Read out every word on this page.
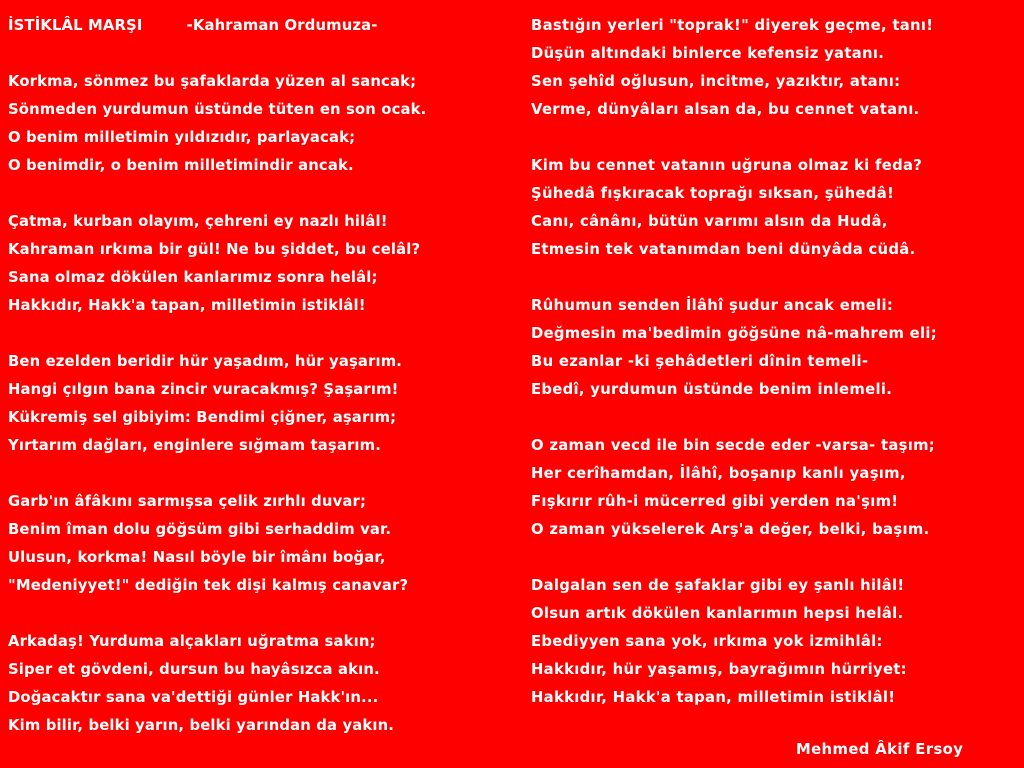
İSTİKLÂL MARŞI	-Kahraman Ordumuza-
Korkma, sönmez bu şafaklarda yüzen al sancak;
Sönmeden yurdumun üstünde tüten en son ocak.
O benim milletimin yıldızıdır, parlayacak;
O benimdir, o benim milletimindir ancak.
Çatma, kurban olayım, çehreni ey nazlı hilâl!
Kahraman ırkıma bir gül! Ne bu şiddet, bu celâl?
Sana olmaz dökülen kanlarımız sonra helâl;
Hakkıdır, Hakk'a tapan, milletimin istiklâl!
Ben ezelden beridir hür yaşadım, hür yaşarım.
Hangi çılgın bana zincir vuracakmış? Şaşarım!
Kükremiş sel gibiyim: Bendimi çiğner, aşarım;
Yırtarım dağları, enginlere sığmam taşarım.
Garb'ın âfâkını sarmışsa çelik zırhlı duvar;
Benim îman dolu göğsüm gibi serhaddim var.
Ulusun, korkma! Nasıl böyle bir îmânı boğar,
"Medeniyyet!" dediğin tek dişi kalmış canavar?
Arkadaş! Yurduma alçakları uğratma sakın;
Siper et gövdeni, dursun bu hayâsızca akın.
Doğacaktır sana va'dettiği günler Hakk'ın...
Kim bilir, belki yarın, belki yarından da yakın.
Bastığın yerleri "toprak!" diyerek geçme, tanı!
Düşün altındaki binlerce kefensiz yatanı.
Sen şehîd oğlusun, incitme, yazıktır, atanı:
Verme, dünyâları alsan da, bu cennet vatanı.
Kim bu cennet vatanın uğruna olmaz ki feda?
Şühedâ fışkıracak toprağı sıksan, şühedâ!
Canı, cânânı, bütün varımı alsın da Hudâ,
Etmesin tek vatanımdan beni dünyâda cüdâ.
Rûhumun senden İlâhî şudur ancak emeli:
Değmesin ma'bedimin göğsüne nâ-mahrem eli;
Bu ezanlar -ki şehâdetleri dînin temeli-
Ebedî, yurdumun üstünde benim inlemeli.
O zaman vecd ile bin secde eder -varsa- taşım;
Her cerîhamdan, İlâhî, boşanıp kanlı yaşım,
Fışkırır rûh-i mücerred gibi yerden na'şım!
O zaman yükselerek Arş'a değer, belki, başım.
Dalgalan sen de şafaklar gibi ey şanlı hilâl!
Olsun artık dökülen kanlarımın hepsi helâl.
Ebediyyen sana yok, ırkıma yok izmihlâl:
Hakkıdır, hür yaşamış, bayrağımın hürriyet:
Hakkıdır, Hakk'a tapan, milletimin istiklâl!
Mehmed Âkif Ersoy
